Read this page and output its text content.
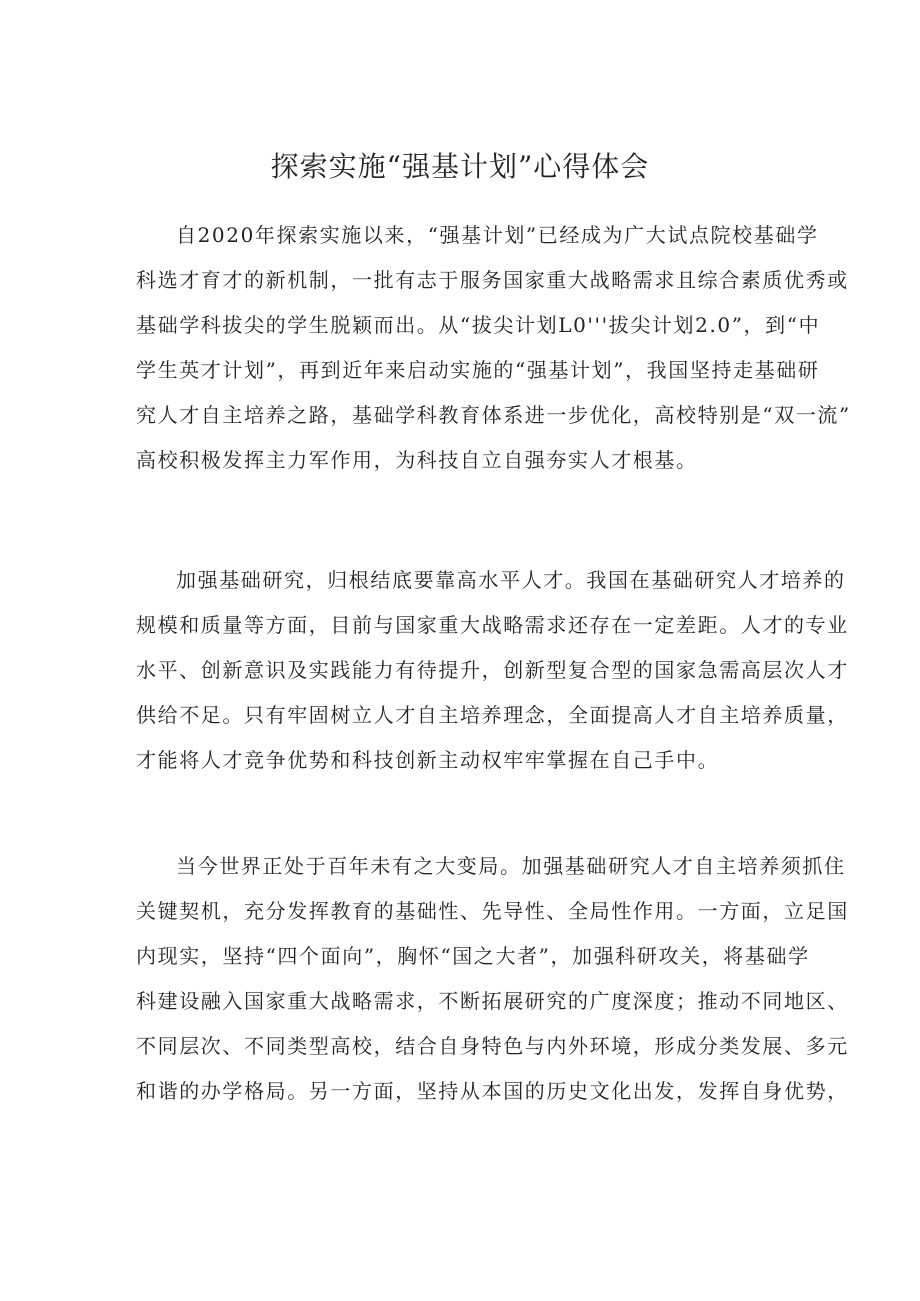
探索实施“强基计划”心得体会
自2020年探索实施以来，“强基计划”已经成为广大试点院校基础学
科选才育才的新机制，一批有志于服务国家重大战略需求且综合素质优秀或
基础学科拔尖的学生脱颖而出。从“拔尖计划L0'''拔尖计划2.0”，到“中
学生英才计划”，再到近年来启动实施的“强基计划”，我国坚持走基础研
究人才自主培养之路，基础学科教育体系进一步优化，高校特别是“双一流”
高校积极发挥主力军作用，为科技自立自强夯实人才根基。
加强基础研究，归根结底要靠高水平人才。我国在基础研究人才培养的
规模和质量等方面，目前与国家重大战略需求还存在一定差距。人才的专业
水平、创新意识及实践能力有待提升，创新型复合型的国家急需高层次人才
供给不足。只有牢固树立人才自主培养理念，全面提高人才自主培养质量，
才能将人才竞争优势和科技创新主动权牢牢掌握在自己手中。
当今世界正处于百年未有之大变局。加强基础研究人才自主培养须抓住
关键契机，充分发挥教育的基础性、先导性、全局性作用。一方面，立足国
内现实，坚持“四个面向”，胸怀“国之大者”，加强科研攻关，将基础学
科建设融入国家重大战略需求，不断拓展研究的广度深度；推动不同地区、
不同层次、不同类型高校，结合自身特色与内外环境，形成分类发展、多元
和谐的办学格局。另一方面，坚持从本国的历史文化出发，发挥自身优势，
